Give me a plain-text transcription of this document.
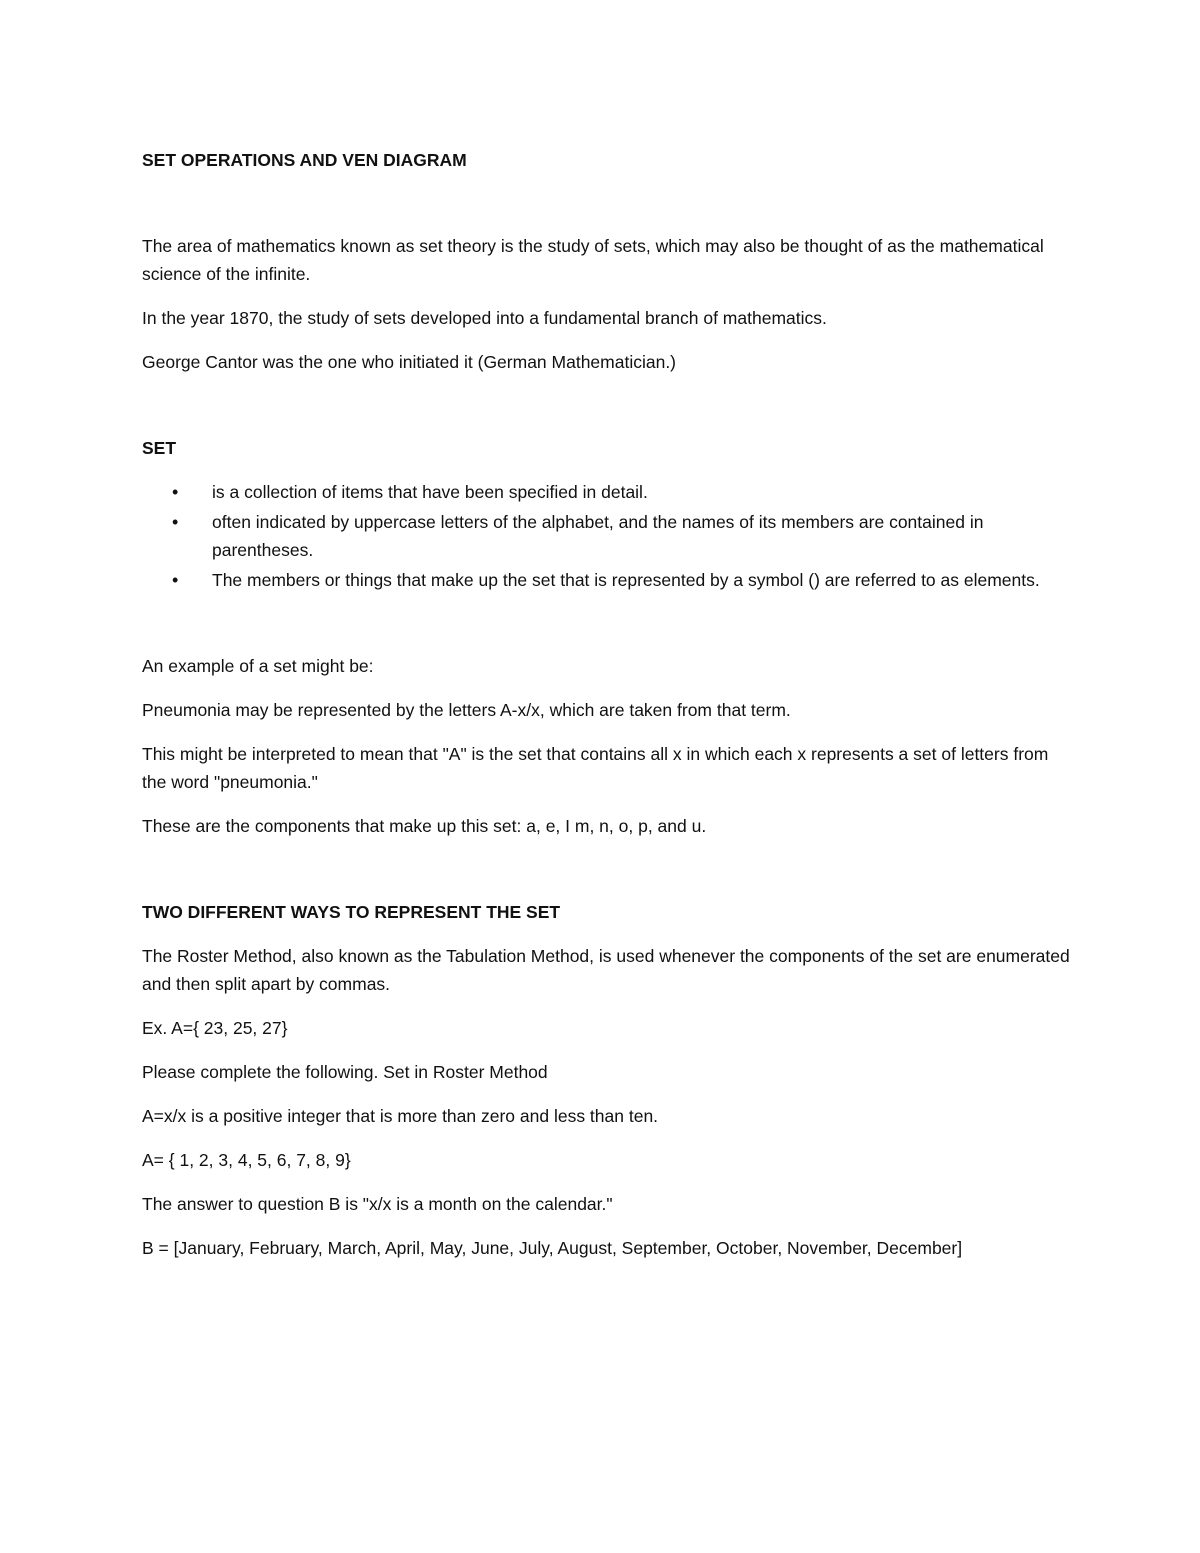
SET OPERATIONS AND VEN DIAGRAM

The area of mathematics known as set theory is the study of sets, which may also be thought of as the mathematical science of the infinite.

In the year 1870, the study of sets developed into a fundamental branch of mathematics.

George Cantor was the one who initiated it (German Mathematician.)

SET

• is a collection of items that have been specified in detail.
• often indicated by uppercase letters of the alphabet, and the names of its members are contained in parentheses.
• The members or things that make up the set that is represented by a symbol () are referred to as elements.

An example of a set might be:

Pneumonia may be represented by the letters A-x/x, which are taken from that term.

This might be interpreted to mean that "A" is the set that contains all x in which each x represents a set of letters from the word "pneumonia."

These are the components that make up this set: a, e, I m, n, o, p, and u.

TWO DIFFERENT WAYS TO REPRESENT THE SET

The Roster Method, also known as the Tabulation Method, is used whenever the components of the set are enumerated and then split apart by commas.

Ex. A={ 23, 25, 27}

Please complete the following. Set in Roster Method

A=x/x is a positive integer that is more than zero and less than ten.

A= { 1, 2, 3, 4, 5, 6, 7, 8, 9}

The answer to question B is "x/x is a month on the calendar."

B = [January, February, March, April, May, June, July, August, September, October, November, December]
